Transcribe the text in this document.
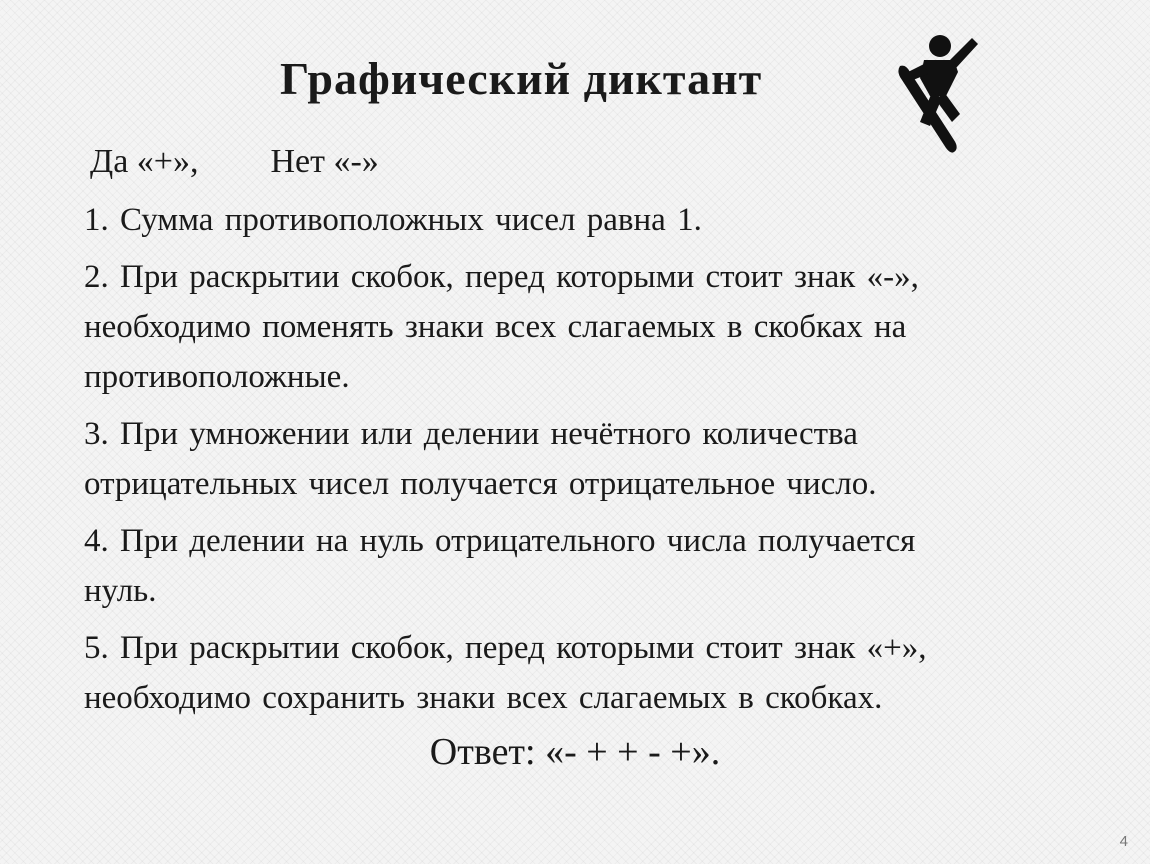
Графический диктант
Да «+», Нет «-»
1. Сумма противоположных чисел равна 1.
2. При раскрытии скобок, перед которыми стоит знак «-»,
необходимо поменять знаки всех слагаемых в скобках на
противоположные.
3. При умножении или делении нечётного количества
отрицательных чисел получается отрицательное число.
4. При делении на нуль отрицательного числа получается
нуль.
5. При раскрытии скобок, перед которыми стоит знак «+»,
необходимо сохранить знаки всех слагаемых в скобках.
Ответ: «- + + - +».
4
